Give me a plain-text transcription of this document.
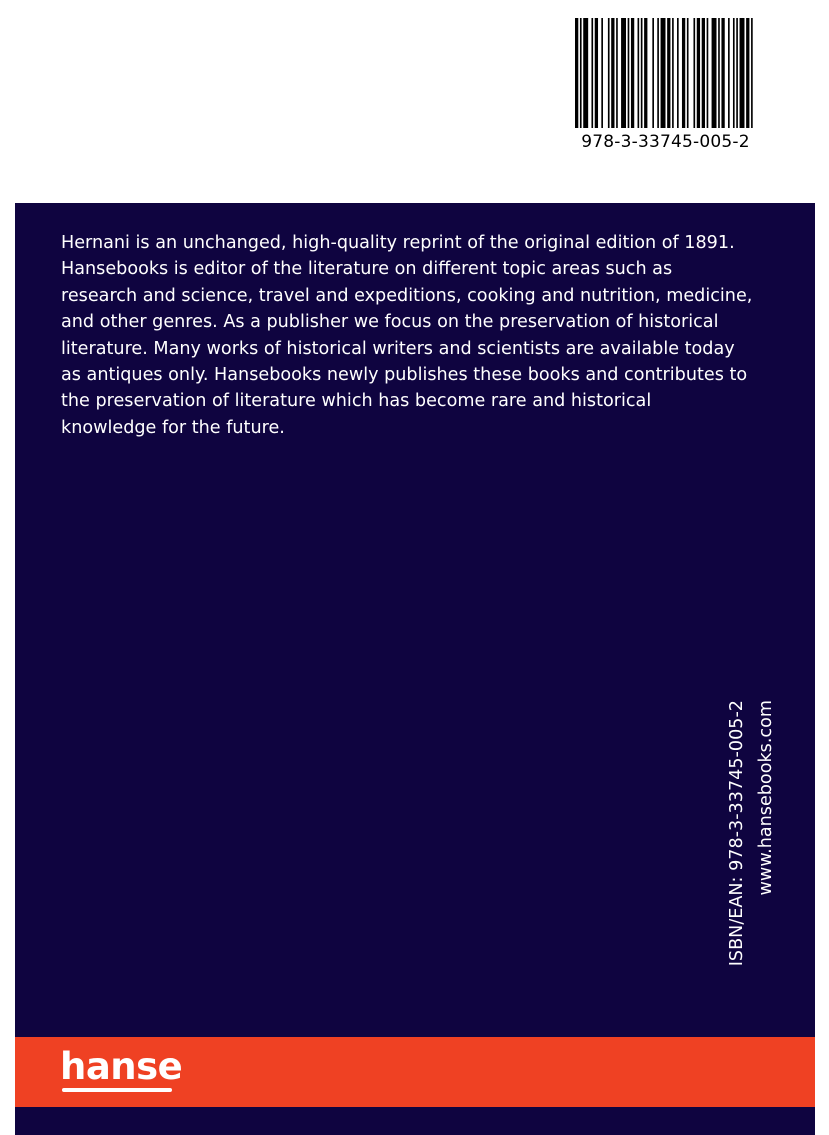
978-3-33745-005-2

Hernani is an unchanged, high-quality reprint of the original edition of 1891.
Hansebooks is editor of the literature on different topic areas such as
research and science, travel and expeditions, cooking and nutrition, medicine,
and other genres. As a publisher we focus on the preservation of historical
literature. Many works of historical writers and scientists are available today
as antiques only. Hansebooks newly publishes these books and contributes to
the preservation of literature which has become rare and historical
knowledge for the future.

ISBN/EAN: 978-3-33745-005-2 www.hansebooks.com
hanse
